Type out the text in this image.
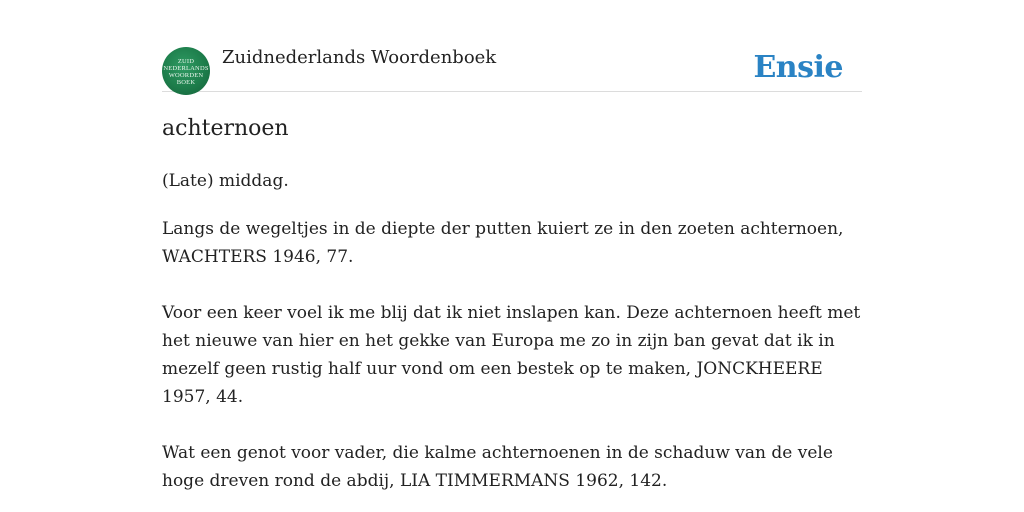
ZUID
NEDERLANDS
WOORDEN
BOEK
Zuidnederlands Woordenboek	Ensie
achternoen
(Late) middag.

Langs de wegeltjes in de diepte der putten kuiert ze in den zoeten achternoen, WACHTERS 1946, 77.

Voor een keer voel ik me blij dat ik niet inslapen kan. Deze achternoen heeft met het nieuwe van hier en het gekke van Europa me zo in zijn ban gevat dat ik in mezelf geen rustig half uur vond om een bestek op te maken, JONCKHEERE 1957, 44.

Wat een genot voor vader, die kalme achternoenen in de schaduw van de vele hoge dreven rond de abdij, LIA TIMMERMANS 1962, 142.
